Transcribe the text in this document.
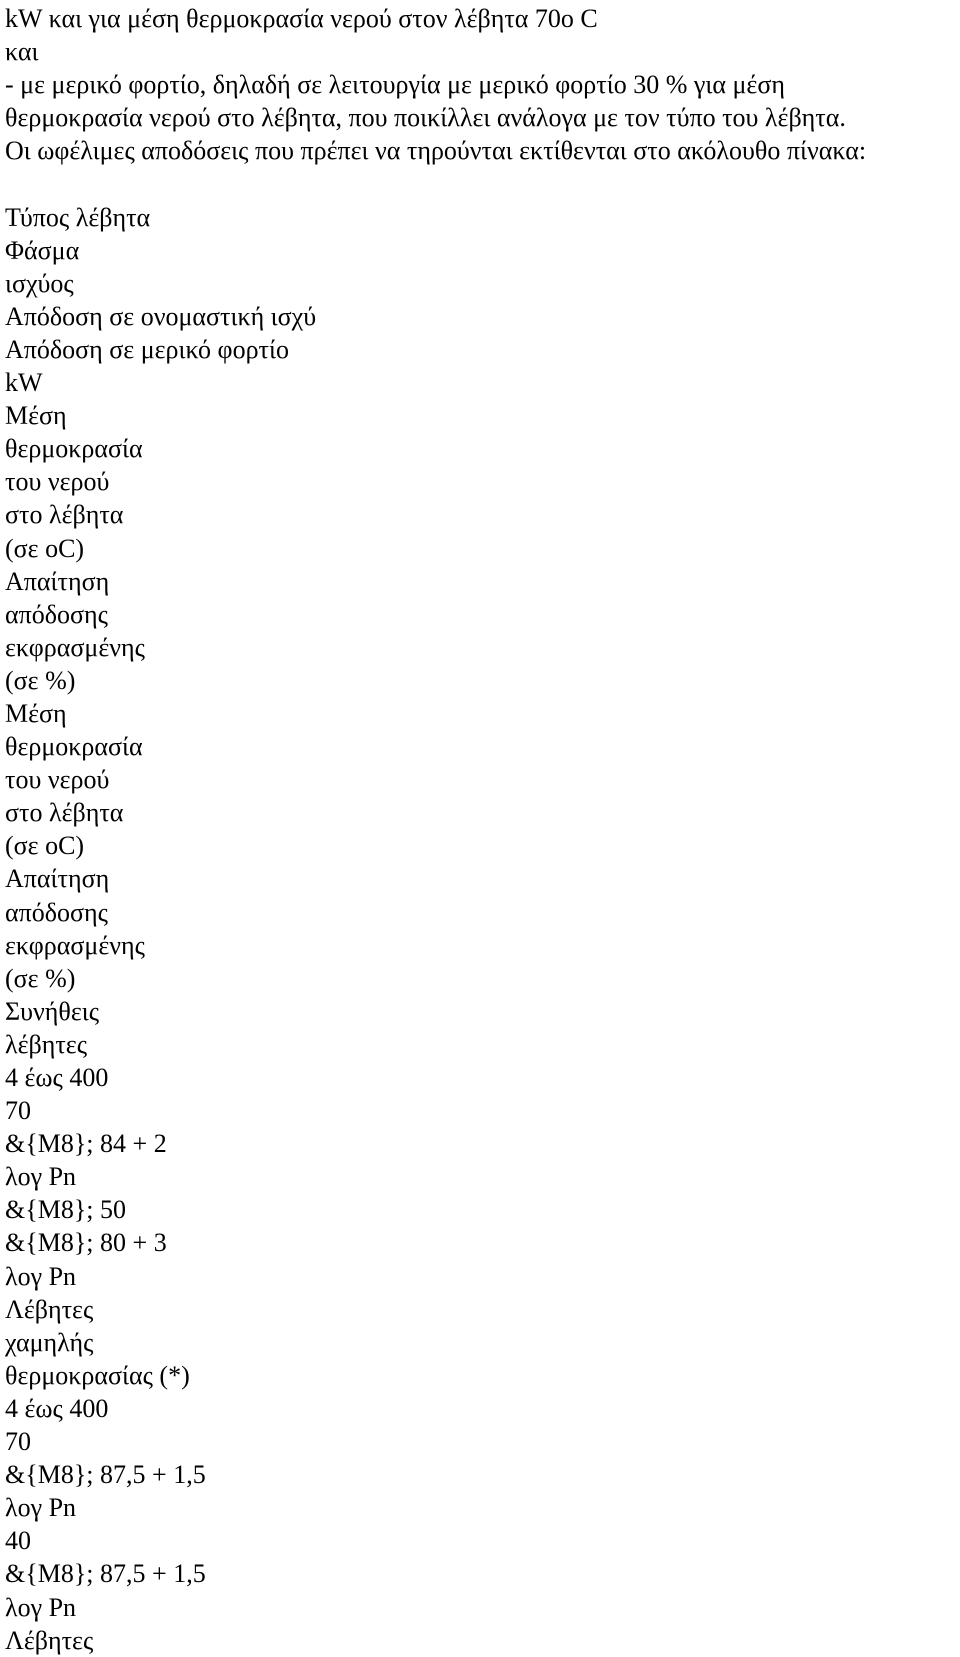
kW και για μέση θερμοκρασία νερού στον λέβητα 70o C
και
- με μερικό φορτίο, δηλαδή σε λειτουργία με μερικό φορτίο 30 % για μέση
θερμοκρασία νερού στο λέβητα, που ποικίλλει ανάλογα με τον τύπο του λέβητα.
Οι ωφέλιμες αποδόσεις που πρέπει να τηρούνται εκτίθενται στο ακόλουθο πίνακα:
Τύπος λέβητα
Φάσμα
ισχύος
Απόδοση σε ονομαστική ισχύ
Απόδοση σε μερικό φορτίο
kW
Μέση
θερμοκρασία
του νερού
στο λέβητα
(σε oC)
Απαίτηση
απόδοσης
εκφρασμένης
(σε %)
Μέση
θερμοκρασία
του νερού
στο λέβητα
(σε oC)
Απαίτηση
απόδοσης
εκφρασμένης
(σε %)
Συνήθεις
λέβητες
4 έως 400
70
&{M8}; 84 + 2
λογ Pn
&{M8}; 50
&{M8}; 80 + 3
λογ Pn
Λέβητες
χαμηλής
θερμοκρασίας (*)
4 έως 400
70
&{M8}; 87,5 + 1,5
λογ Pn
40
&{M8}; 87,5 + 1,5
λογ Pn
Λέβητες
